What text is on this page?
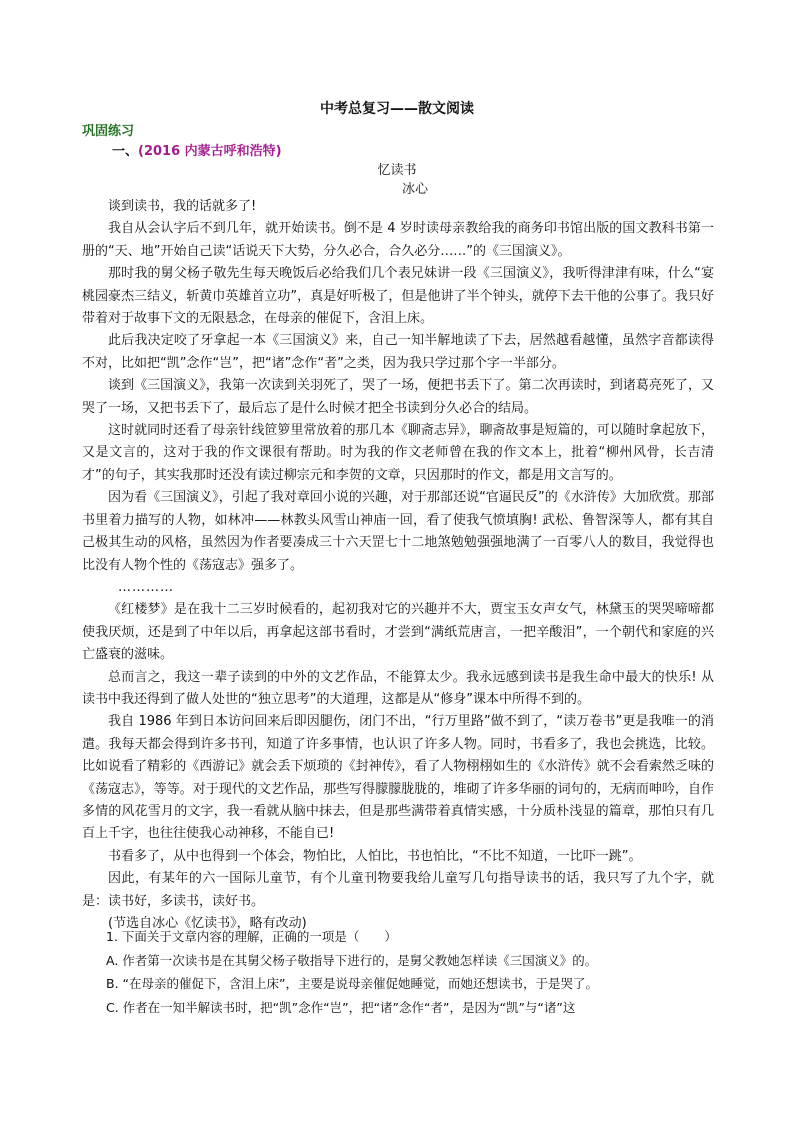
中考总复习——散文阅读
巩固练习
一、(2016 内蒙古呼和浩特)
忆读书
冰心

谈到读书，我的话就多了!

我自从会认字后不到几年，就开始读书。倒不是 4 岁时读母亲教给我的商务印书馆出版的国文教科书第一册的“天、地”开始自己读“话说天下大势，分久必合，合久必分……”的《三国演义》。

那时我的舅父杨子敬先生每天晚饭后必给我们几个表兄妹讲一段《三国演义》，我听得津津有味，什么“宴桃园豪杰三结义，斩黄巾英雄首立功”，真是好听极了，但是他讲了半个钟头，就停下去干他的公事了。我只好带着对于故事下文的无限悬念，在母亲的催促下，含泪上床。

此后我决定咬了牙拿起一本《三国演义》来，自己一知半解地读了下去，居然越看越懂，虽然字音都读得不对，比如把“凯”念作“岂”，把“诸”念作“者”之类，因为我只学过那个字一半部分。

谈到《三国演义》，我第一次读到关羽死了，哭了一场，便把书丢下了。第二次再读时，到诸葛亮死了，又哭了一场，又把书丢下了，最后忘了是什么时候才把全书读到分久必合的结局。

这时就同时还看了母亲针线笸箩里常放着的那几本《聊斋志异》，聊斋故事是短篇的，可以随时拿起放下，又是文言的，这对于我的作文课很有帮助。时为我的作文老师曾在我的作文本上，批着“柳州风骨，长吉清才”的句子，其实我那时还没有读过柳宗元和李贺的文章，只因那时的作文，都是用文言写的。

因为看《三国演义》，引起了我对章回小说的兴趣，对于那部还说“官逼民反”的《水浒传》大加欣赏。那部书里着力描写的人物，如林冲——林教头风雪山神庙一回，看了使我气愤填胸! 武松、鲁智深等人，都有其自己极其生动的风格，虽然因为作者要凑成三十六天罡七十二地煞勉勉强强地满了一百零八人的数目，我觉得也比没有人物个性的《荡寇志》强多了。

…………

《红楼梦》是在我十二三岁时候看的，起初我对它的兴趣并不大，贾宝玉女声女气，林黛玉的哭哭啼啼都使我厌烦，还是到了中年以后，再拿起这部书看时，才尝到“满纸荒唐言，一把辛酸泪”，一个朝代和家庭的兴亡盛衰的滋味。

总而言之，我这一辈子读到的中外的文艺作品，不能算太少。我永远感到读书是我生命中最大的快乐! 从读书中我还得到了做人处世的“独立思考”的大道理，这都是从“修身”课本中所得不到的。

我自 1986 年到日本访问回来后即因腿伤，闭门不出，“行万里路”做不到了，“读万卷书”更是我唯一的消遣。我每天都会得到许多书刊，知道了许多事情，也认识了许多人物。同时，书看多了，我也会挑选，比较。比如说看了精彩的《西游记》就会丢下烦琐的《封神传》，看了人物栩栩如生的《水浒传》就不会看索然乏味的《荡寇志》，等等。对于现代的文艺作品，那些写得朦朦胧胧的，堆砌了许多华丽的词句的，无病而呻吟，自作多情的风花雪月的文字，我一看就从脑中抹去，但是那些满带着真情实感，十分质朴浅显的篇章，那怕只有几百上千字，也往往使我心动神移，不能自已!

书看多了，从中也得到一个体会，物怕比，人怕比，书也怕比，“不比不知道，一比吓一跳”。

因此，有某年的六一国际儿童节，有个儿童刊物要我给儿童写几句指导读书的话，我只写了九个字，就是：读书好，多读书，读好书。

(节选自冰心《忆读书》，略有改动)

1. 下面关于文章内容的理解，正确的一项是（　　）
A. 作者第一次读书是在其舅父杨子敬指导下进行的，是舅父教她怎样读《三国演义》的。
B. “在母亲的催促下，含泪上床”，主要是说母亲催促她睡觉，而她还想读书，于是哭了。
C. 作者在一知半解读书时，把“凯”念作“岂”，把“诸”念作“者”，是因为“凯”与“诸”这
